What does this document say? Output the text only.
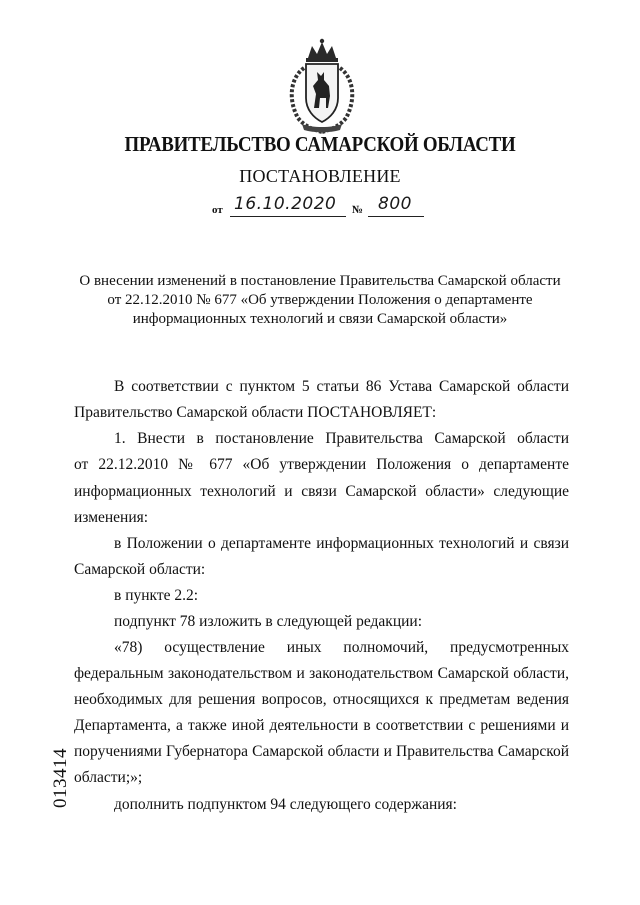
ПРАВИТЕЛЬСТВО САМАРСКОЙ ОБЛАСТИ
ПОСТАНОВЛЕНИЕ
от 16.10.2020 № 800
О внесении изменений в постановление Правительства Самарской области
от 22.12.2010 № 677 «Об утверждении Положения о департаменте
информационных технологий и связи Самарской области»
В соответствии с пунктом 5 статьи 86 Устава Самарской области
Правительство Самарской области ПОСТАНОВЛЯЕТ:
1. Внести в постановление Правительства Самарской области
от 22.12.2010 № 677 «Об утверждении Положения о департаменте
информационных технологий и связи Самарской области» следующие
изменения:
в Положении о департаменте информационных технологий и связи
Самарской области:
в пункте 2.2:
подпункт 78 изложить в следующей редакции:
«78) осуществление иных полномочий, предусмотренных
федеральным законодательством и законодательством Самарской области,
необходимых для решения вопросов, относящихся к предметам ведения
Департамента, а также иной деятельности в соответствии с решениями и
поручениями Губернатора Самарской области и Правительства Самарской
области;»;
дополнить подпунктом 94 следующего содержания:
013414
